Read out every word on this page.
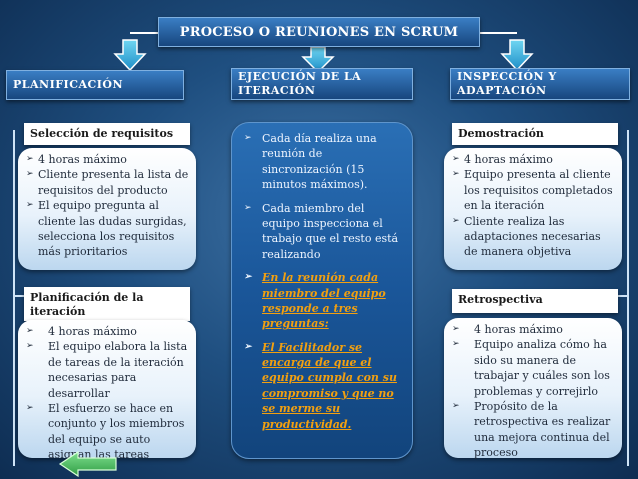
PROCESO O REUNIONES EN SCRUM
PLANIFICACIÓN
EJECUCIÓN DE LA ITERACIÓN
INSPECCIÓN Y ADAPTACIÓN
Selección de requisitos
➢ 4 horas máximo
➢ Cliente presenta la lista de requisitos del producto
➢ El equipo pregunta al cliente las dudas surgidas, selecciona los requisitos más prioritarios
Planificación de la iteración
➢ 4 horas máximo
➢ El equipo elabora la lista de tareas de la iteración necesarias para desarrollar
➢ El esfuerzo se hace en conjunto y los miembros del equipo se auto asignan las tareas
➢ Cada día realiza una reunión de sincronización (15 minutos máximos).
➢ Cada miembro del equipo inspecciona el trabajo que el resto está realizando
➢ En la reunión cada miembro del equipo responde a tres preguntas:
➢ El Facilitador se encarga de que el equipo cumpla con su compromiso y que no se merme su productividad.
Demostración
➢ 4 horas máximo
➢ Equipo presenta al cliente los requisitos completados en la iteración
➢ Cliente realiza las adaptaciones necesarias de manera objetiva
Retrospectiva
➢ 4 horas máximo
➢ Equipo analiza cómo ha sido su manera de trabajar y cuáles son los problemas y correjirlo
➢ Propósito de la retrospectiva es realizar una mejora continua del proceso
